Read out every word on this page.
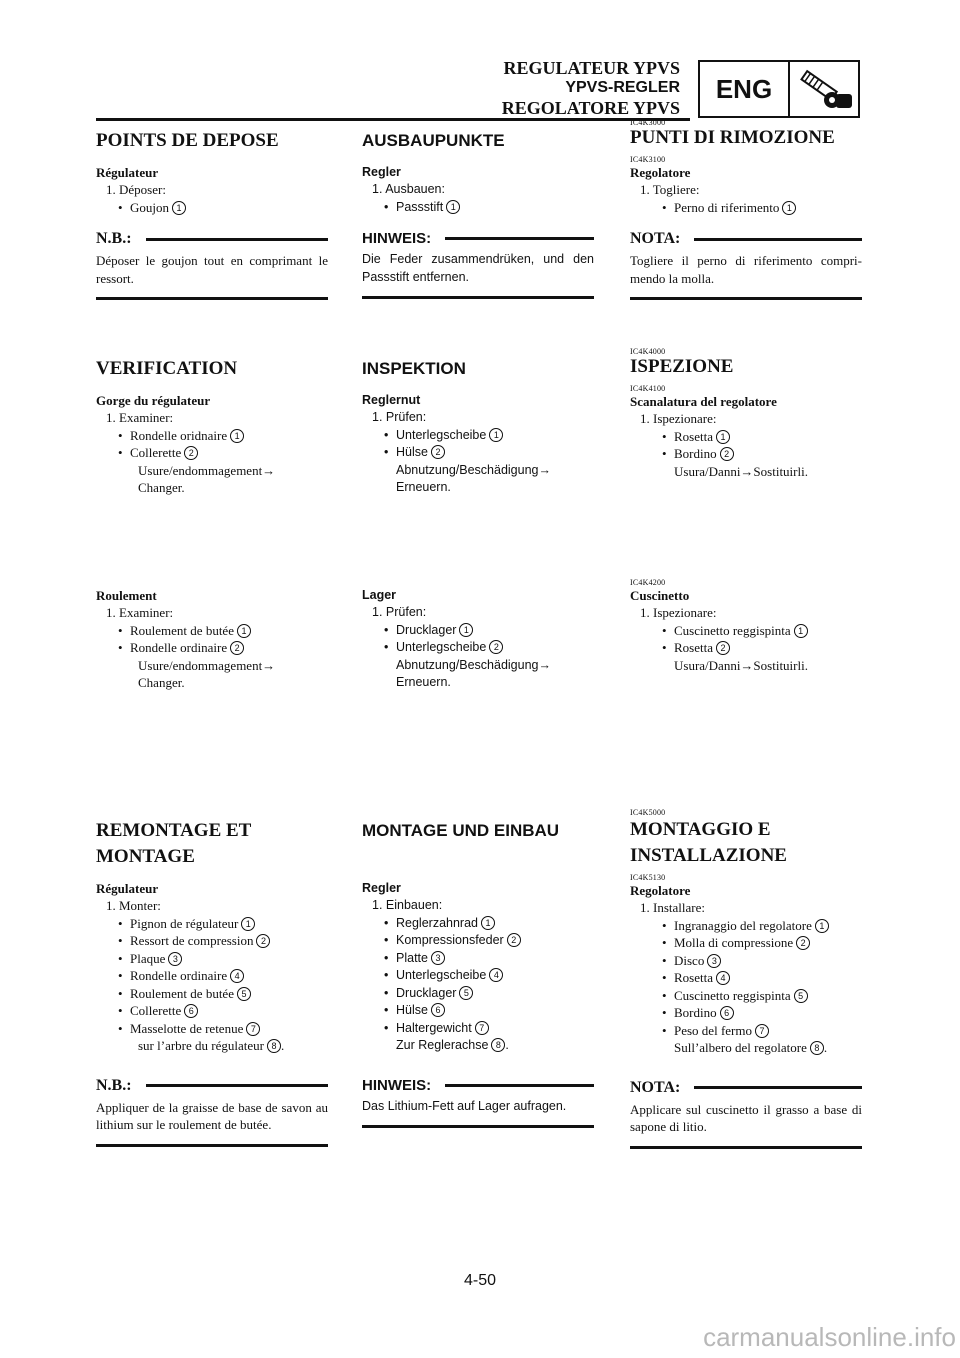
REGULATEUR YPVS
YPVS-REGLER
REGOLATORE YPVS
ENG
POINTS DE DEPOSE
Régulateur
1. Déposer:
• Goujon 1
N.B.:
Déposer le goujon tout en comprimant le ressort.
VERIFICATION
Gorge du régulateur
1. Examiner:
• Rondelle oridnaire 1
• Collerette 2
Usure/endommagement→
Changer.
Roulement
1. Examiner:
• Roulement de butée 1
• Rondelle ordinaire 2
Usure/endommagement→
Changer.
REMONTAGE ET
MONTAGE
Régulateur
1. Monter:
• Pignon de régulateur 1
• Ressort de compression 2
• Plaque 3
• Rondelle ordinaire 4
• Roulement de butée 5
• Collerette 6
• Masselotte de retenue 7
sur l’arbre du régulateur 8 .
N.B.:
Appliquer de la graisse de base de savon au lithium sur le roulement de butée.
AUSBAUPUNKTE
Regler
1. Ausbauen:
• Passstift 1
HINWEIS:
Die Feder zusammendrüken, und den Passstift entfernen.
INSPEKTION
Reglernut
1. Prüfen:
• Unterlegscheibe 1
• Hülse 2
Abnutzung/Beschädigung→
Erneuern.
Lager
1. Prüfen:
• Drucklager 1
• Unterlegscheibe 2
Abnutzung/Beschädigung→
Erneuern.
MONTAGE UND EINBAU
Regler
1. Einbauen:
• Reglerzahnrad 1
• Kompressionsfeder 2
• Platte 3
• Unterlegscheibe 4
• Drucklager 5
• Hülse 6
• Haltergewicht 7
Zur Reglerachse 8 .
HINWEIS:
Das Lithium-Fett auf Lager aufragen.
IC4K3000
PUNTI DI RIMOZIONE
IC4K3100
Regolatore
1. Togliere:
• Perno di riferimento 1
NOTA:
Togliere il perno di riferimento compri-mendo la molla.
IC4K4000
ISPEZIONE
IC4K4100
Scanalatura del regolatore
1. Ispezionare:
• Rosetta 1
• Bordino 2
Usura/Danni→Sostituirli.
IC4K4200
Cuscinetto
1. Ispezionare:
• Cuscinetto reggispinta 1
• Rosetta 2
Usura/Danni→Sostituirli.
IC4K5000
MONTAGGIO E
INSTALLAZIONE
IC4K5130
Regolatore
1. Installare:
• Ingranaggio del regolatore 1
• Molla di compressione 2
• Disco 3
• Rosetta 4
• Cuscinetto reggispinta 5
• Bordino 6
• Peso del fermo 7
Sull’albero del regolatore 8 .
NOTA:
Applicare sul cuscinetto il grasso a base di sapone di litio.
4-50
carmanualsonline.info
